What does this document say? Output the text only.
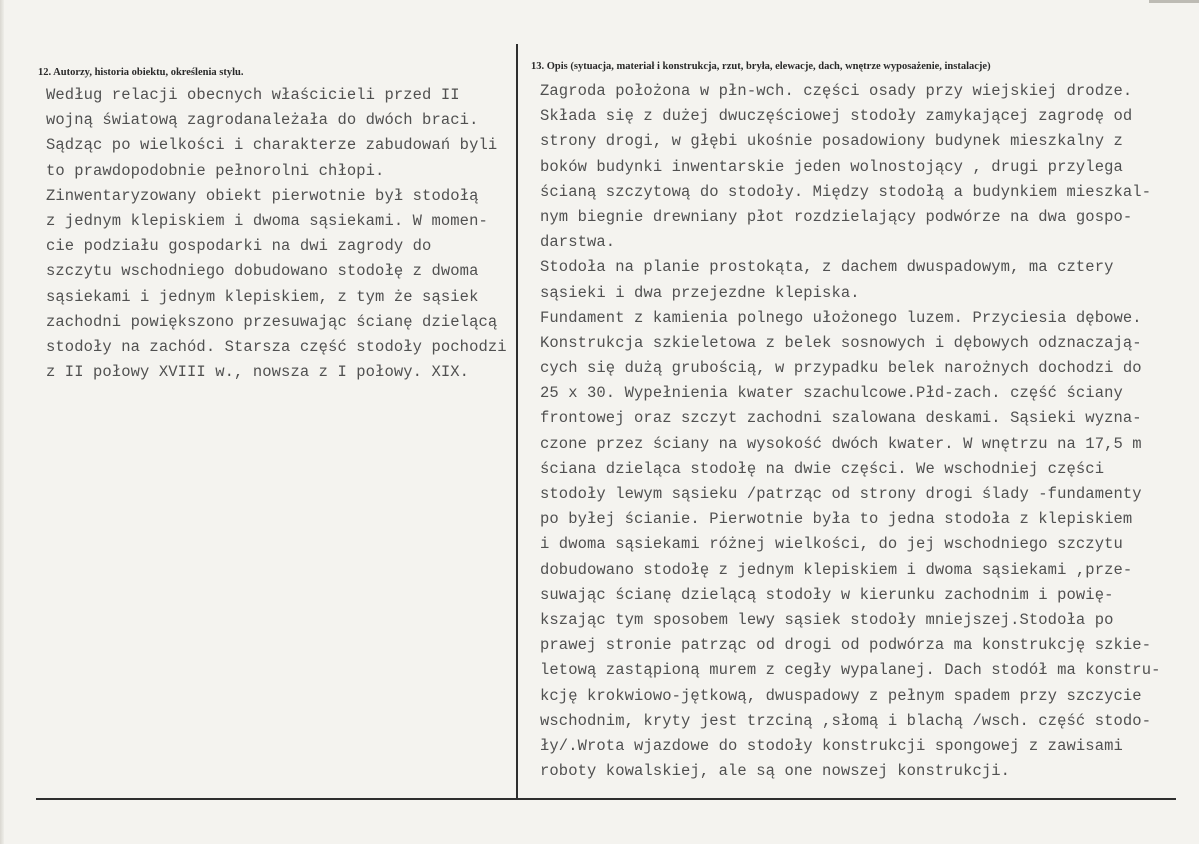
12. Autorzy, historia obiektu, określenia stylu.
13. Opis (sytuacja, materiał i konstrukcja, rzut, bryła, elewacje, dach, wnętrze wyposażenie, instalacje)
Według relacji obecnych właścicieli przed II
wojną światową zagrodanależała do dwóch braci.
Sądząc po wielkości i charakterze zabudowań byli
to prawdopodobnie pełnorolni chłopi.
Zinwentaryzowany obiekt pierwotnie był stodołą
z jednym klepiskiem i dwoma sąsiekami. W momen-
cie podziału gospodarki na dwi zagrody do
szczytu wschodniego dobudowano stodołę z dwoma
sąsiekami i jednym klepiskiem, z tym że sąsiek
zachodni powiększono przesuwając ścianę dzielącą
stodoły na zachód. Starsza część stodoły pochodzi
z II połowy XVIII w., nowsza z I połowy. XIX.
Zagroda położona w płn-wch. części osady przy wiejskiej drodze.
Składa się z dużej dwuczęściowej stodoły zamykającej zagrodę od
strony drogi, w głębi ukośnie posadowiony budynek mieszkalny z
boków budynki inwentarskie jeden wolnostojący , drugi przylega
ścianą szczytową do stodoły. Między stodołą a budynkiem mieszkal-
nym biegnie drewniany płot rozdzielający podwórze na dwa gospo-
darstwa.
Stodoła na planie prostokąta, z dachem dwuspadowym, ma cztery
sąsieki i dwa przejezdne klepiska.
Fundament z kamienia polnego ułożonego luzem. Przyciesia dębowe.
Konstrukcja szkieletowa z belek sosnowych i dębowych odznaczają-
cych się dużą grubością, w przypadku belek narożnych dochodzi do
25 x 30. Wypełnienia kwater szachulcowe.Płd-zach. część ściany
frontowej oraz szczyt zachodni szalowana deskami. Sąsieki wyzna-
czone przez ściany na wysokość dwóch kwater. W wnętrzu na 17,5 m
ściana dzieląca stodołę na dwie części. We wschodniej części
stodoły lewym sąsieku /patrząc od strony drogi ślady -fundamenty
po byłej ścianie. Pierwotnie była to jedna stodoła z klepiskiem
i dwoma sąsiekami różnej wielkości, do jej wschodniego szczytu
dobudowano stodołę z jednym klepiskiem i dwoma sąsiekami ,prze-
suwając ścianę dzielącą stodoły w kierunku zachodnim i powię-
kszając tym sposobem lewy sąsiek stodoły mniejszej.Stodoła po
prawej stronie patrząc od drogi od podwórza ma konstrukcję szkie-
letową zastąpioną murem z cegły wypalanej. Dach stodół ma konstru-
kcję krokwiowo-jętkową, dwuspadowy z pełnym spadem przy szczycie
wschodnim, kryty jest trzciną ,słomą i blachą /wsch. część stodo-
ły/.Wrota wjazdowe do stodoły konstrukcji spongowej z zawisami
roboty kowalskiej, ale są one nowszej konstrukcji.
